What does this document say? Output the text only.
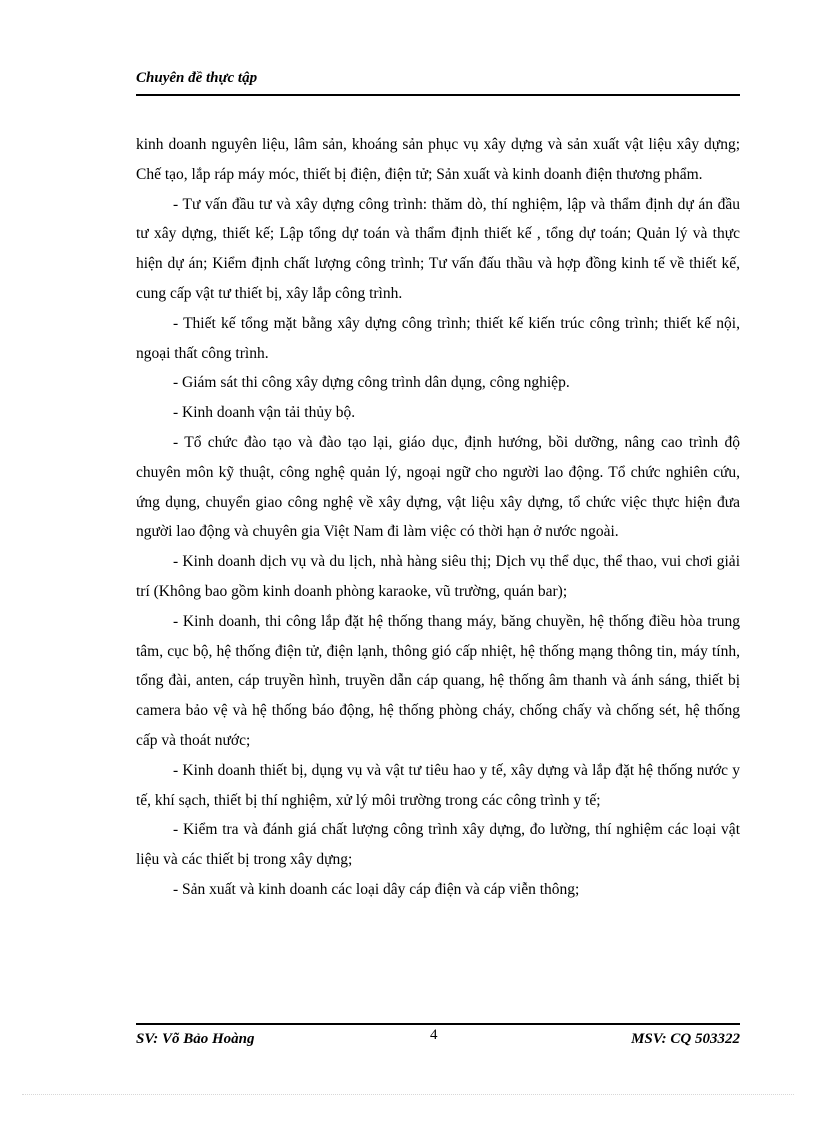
Chuyên đề thực tập

kinh doanh nguyên liệu, lâm sản, khoáng sản phục vụ xây dựng và sản xuất vật liệu xây dựng; Chế tạo, lắp ráp máy móc, thiết bị điện, điện tử; Sản xuất và kinh doanh điện thương phẩm.

- Tư vấn đầu tư và xây dựng công trình: thăm dò, thí nghiệm, lập và thẩm định dự án đầu tư xây dựng, thiết kế; Lập tổng dự toán và thẩm định thiết kế , tổng dự toán; Quản lý và thực hiện dự án; Kiểm định chất lượng công trình; Tư vấn đấu thầu và hợp đồng kinh tế về thiết kế, cung cấp vật tư thiết bị, xây lắp công trình.

- Thiết kế tổng mặt bằng xây dựng công trình; thiết kế kiến trúc công trình; thiết kế nội, ngoại thất công trình.

- Giám sát thi công xây dựng công trình dân dụng, công nghiệp.

- Kinh doanh vận tải thủy bộ.

- Tổ chức đào tạo và đào tạo lại, giáo dục, định hướng, bồi dưỡng, nâng cao trình độ chuyên môn kỹ thuật, công nghệ quản lý, ngoại ngữ cho người lao động. Tổ chức nghiên cứu, ứng dụng, chuyển giao công nghệ về xây dựng, vật liệu xây dựng, tổ chức việc thực hiện đưa người lao động và chuyên gia Việt Nam đi làm việc có thời hạn ở nước ngoài.

- Kinh doanh dịch vụ và du lịch, nhà hàng siêu thị; Dịch vụ thể dục, thể thao, vui chơi giải trí (Không bao gồm kinh doanh phòng karaoke, vũ trường, quán bar);

- Kinh doanh, thi công lắp đặt hệ thống thang máy, băng chuyền, hệ thống điều hòa trung tâm, cục bộ, hệ thống điện tử, điện lạnh, thông gió cấp nhiệt, hệ thống mạng thông tin, máy tính, tổng đài, anten, cáp truyền hình, truyền dẫn cáp quang, hệ thống âm thanh và ánh sáng, thiết bị camera bảo vệ và hệ thống báo động, hệ thống phòng cháy, chống chấy và chống sét, hệ thống cấp và thoát nước;

- Kinh doanh thiết bị, dụng vụ và vật tư tiêu hao y tế, xây dựng và lắp đặt hệ thống nước y tế, khí sạch, thiết bị thí nghiệm, xử lý môi trường trong các công trình y tế;

- Kiểm tra và đánh giá chất lượng công trình xây dựng, đo lường, thí nghiệm các loại vật liệu và các thiết bị trong xây dựng;

- Sản xuất và kinh doanh các loại dây cáp điện và cáp viễn thông;

SV: Võ Bảo Hoàng	4	MSV: CQ 503322
